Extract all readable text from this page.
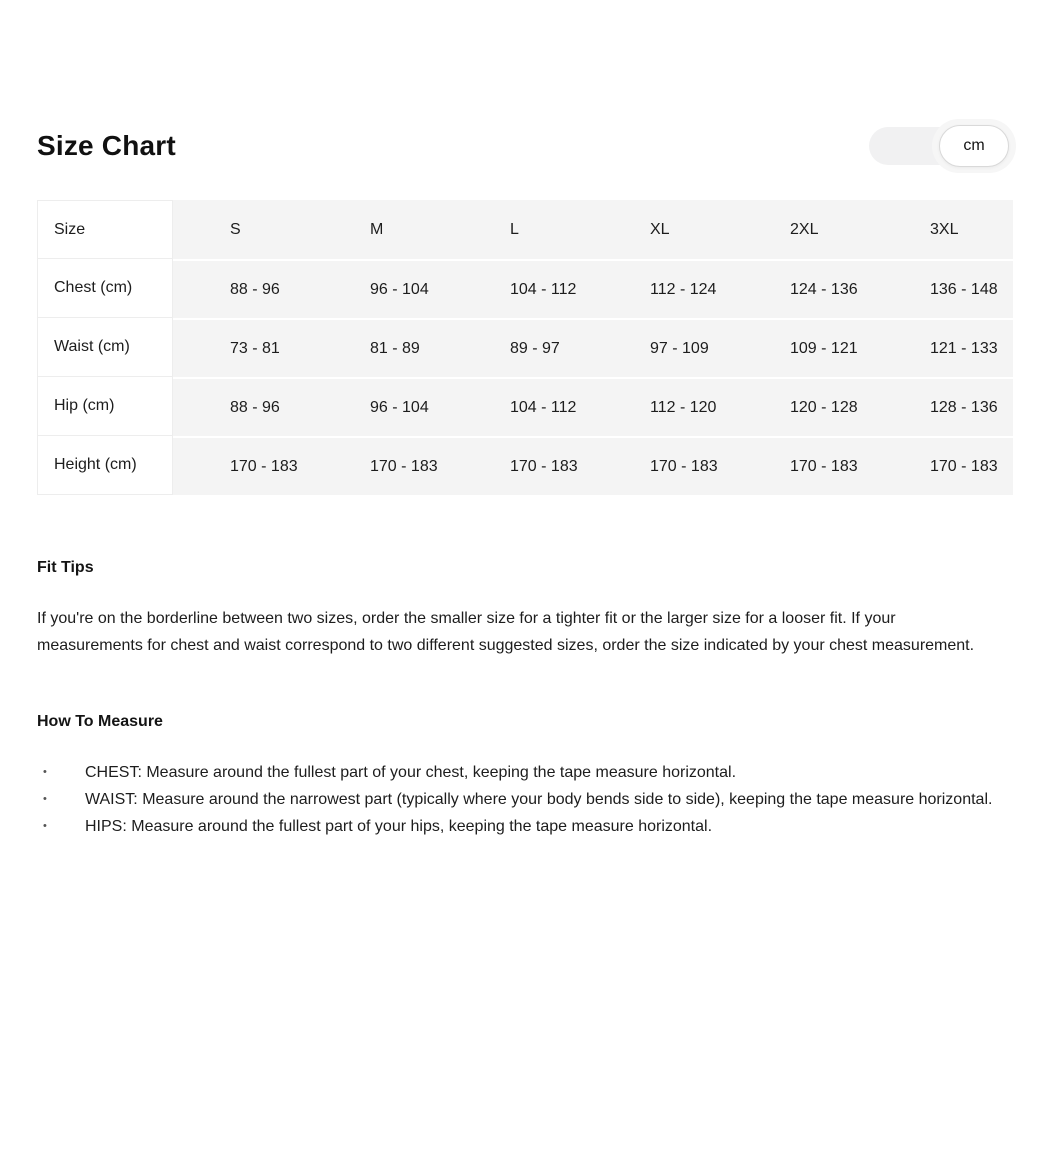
Size Chart	cm
Size	S	M	L	XL	2XL	3XL
Chest (cm)	88 - 96	96 - 104	104 - 112	112 - 124	124 - 136	136 - 148
Waist (cm)	73 - 81	81 - 89	89 - 97	97 - 109	109 - 121	121 - 133
Hip (cm)	88 - 96	96 - 104	104 - 112	112 - 120	120 - 128	128 - 136
Height (cm)	170 - 183	170 - 183	170 - 183	170 - 183	170 - 183	170 - 183
Fit Tips

If you're on the borderline between two sizes, order the smaller size for a tighter fit or the larger size for a looser fit. If your measurements for chest and waist correspond to two different suggested sizes, order the size indicated by your chest measurement.

How To Measure
• CHEST: Measure around the fullest part of your chest, keeping the tape measure horizontal.
• WAIST: Measure around the narrowest part (typically where your body bends side to side), keeping the tape measure horizontal.
• HIPS: Measure around the fullest part of your hips, keeping the tape measure horizontal.
